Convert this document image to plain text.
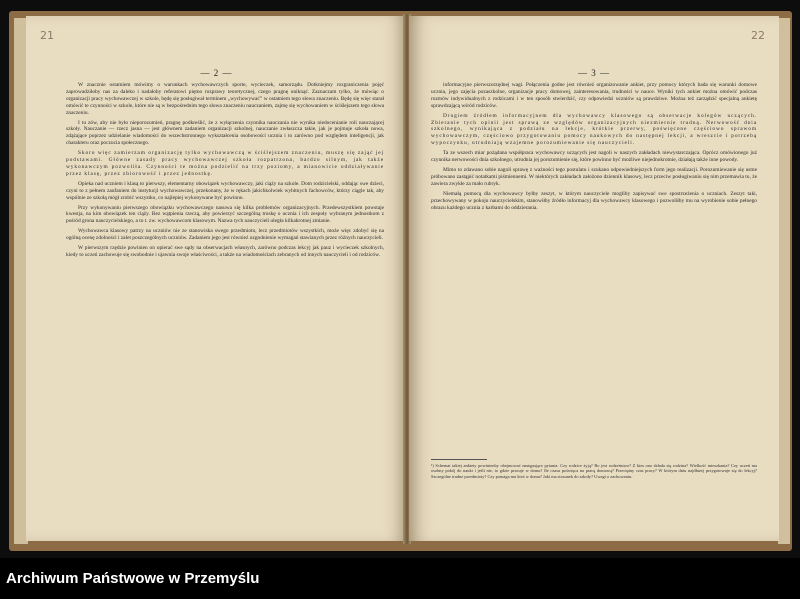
21
— 2 —

W znacznie ostatniem mówimy o warunkach wychowawczych sporte, wycieczek, samorządu. Dotkniejmy rozgraniczenia pojęć zaprowadziłoby nas za daleko i nadałoby referatowi piętno rozprawy teoretycznej, czego pragnę uniknąć. Zaznaczam tylko, że mówiąc o organizacji pracy wychowawczej w szkole, będę się posługiwał terminem „wychowywać” w ostatniem tego słowa znaczeniu. Będę się więc starał omówić te czynności w szkole, które nie są w bezpośrednim tego słowa znaczeniu nauczaniem, zajmę się wychowaniem w ściślejszem tego słowa znaczeniu.

I tu zów, aby nie było nieporozumień, pragnę podkreślić, że z wyłączenia czynnika nauczania nie wynika niedocenianie roli nauczającej szkoły. Nauczanie — rzecz jasna — jest głównem zadaniem organizacji szkolnej, nauczanie zwłaszcza takie, jak je pojmuje szkoła nowa, zdążające poprzez udzielanie wiadomości do wszechstronnego wykształcenia osobowości ucznia i to zarówno pod względem inteligencji, jak charakteru oraz poczucia społecznego.

Skoro więc zamierzam organizację tylko wychowawczą w ściślejszem znaczeniu, muszę się zająć jej podstawami. Główne zasady pracy wychowawczej szkoła rozpatrzona, bardzo silnym, jak także wykonawczym pozwoliła. Czynności te można podzielić na trzy poziomy, a mianowicie oddziaływanie przez klasę, przez zbiorowość i przez jednostkę.

Opieka nad uczniem i klasą to pierwszy, elementarny obowiązek wychowawczy, jaki ciąży na szkole. Dom rodzicielski, oddając swe dzieci, czyni to z pełnem zaufaniem do instytucji wychowawczej, przekonany, że w rękach jakichkolwiek wybitnych fachowców, którzy ciągle tak, aby wspólnie ze szkołą mógł zrobić wszystko, co najlepiej wykonywane być powinno.

Przy wykonywaniu pierwszego obowiązku wychowawczego nasuwa się kilka problemów organizacyjnych. Przedewszystkiem powstaje kwestja, na kim obowiązek ten ciąży. Bez wątpienia rzeczą, aby powierzyć szczególną troskę o ucznia i ich zespoły wybranym jednostkom z pośród grona nauczycielskiego, a to t. zw. wychowawcom klasowym. Nazwa tych nauczycieli uległa kilkakrotnej zmianie.

Wychowawca klasowy patrzy na uczniów nie ze stanowiska swego przedmiotu, lecz przedmiotów wszystkich, może więc zdobyć się na ogólną ocenę zdolności i zalet poszczególnych uczniów. Zadaniem jego jest również uzgodnienie wymagań stawianych przez różnych nauczycieli.

W pierwszym rzędzie powinien on opierać swe sądy na obserwacjach własnych, zarówno podczas lekcyj jak pauz i wycieczek szkolnych, kiedy to uczeń zachowuje się swobodnie i ujawnia swoje właściwości, a także na wiadomościach zebranych od innych nauczycieli i od rodziców.

22
— 3 —

informacyjne pierwszorzędnej wagi. Połączenia godne jest również organizowanie ankiet, przy pomocy których bada się warunki domowe ucznia, jego zajęcia pozaszkolne, organizacje pracy domowej, zainteresowania, trudności w nauce. Wyniki tych ankiet można omówić podczas rozmów indywidualnych z rodzicami i w ten sposób stwierdzić, czy odpowiedzi uczniów są prawdziwe. Można też zarządzić specjalną ankietę sprawdzającą wśród rodziców.

Drugiem źródłem informacyjnem dla wychowawcy klasowego są obserwacje kolegów uczących. Zbieranie tych opinii jest sprawą ze względów organizacyjnych niezmiernie trudną. Nerwowość dnia szkolnego, wynikająca z podziału na lekcje, krótkie przerwy, poświęcone częściowo sprawom wychowawczym, częściowo przygotowaniu pomocy naukowych do następnej lekcji, a wreszcie i potrzebą wypoczynku, utrudniają wzajemne porozumiewanie się nauczycieli.

Ta ze wszech miar pożądana współpraca wychowawcy uczących jest nagoli w naszych zakładach niewystarczająca. Oprócz omówionego już czynnika nerwowości dnia szkolnego, utrudnia jej porozumienie się, które powinno być możliwe niejednokrotnie, działają także inne powody.

Mimo to zdawano sobie nagoli sprawę z ważności tego postulatu i szukano odpowiedniejszych form jego realizacji. Porozumiewanie się ustne próbowano zastąpić notatkami piśmiennemi. W niektórych zakładach założono dziennik klasowy, lecz przeciw posługiwaniu się nim przemawia to, że zawiera zwykłe za mało rubryk.

Niemałą pomocą dla wychowawcy byłby zeszyt, w którym nauczyciele mogliby zapisywać swe spostrzeżenia o uczniach. Zeszyt taki, przechowywany w pokoju nauczycielskim, stanowiłby źródło informacyj dla wychowawcy klasowego i pozwoliłby mu na wyrobienie sobie pełnego obrazu każdego ucznia z karbami do oddzierania.

¹) Schemat takiej ankiety powinienby obejmować następujące pytania: Czy rodzice żyją? Bo jest rodzeństwo? Z kim ono składa się rodzina? Wielkość mieszkania? Czy uczeń ma osobny pokój do nauki i jeśli nie, to gdzie pracuje w domu? Ile czasu poświęca na pracę domową? Przeciętny czas pracy? W którym dniu najdłużej przygotowuje się do lekcyj? Szczególne trudne przedmioty? Czy pomaga mu ktoś w domu? Jaki ma stosunek do szkoły? Uwagi o zachowaniu.
Archiwum Państwowe w Przemyślu
